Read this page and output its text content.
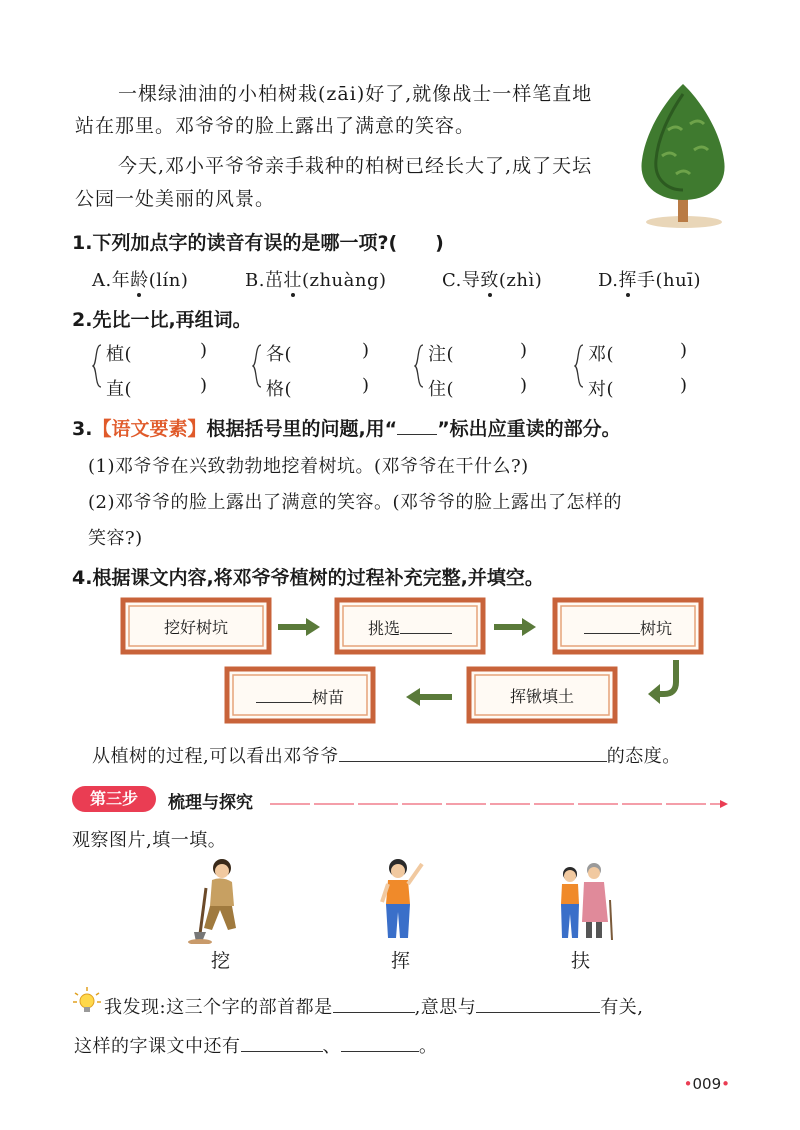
一棵绿油油的小柏树栽(zāi)好了,就像战士一样笔直地
站在那里。邓爷爷的脸上露出了满意的笑容。
今天,邓小平爷爷亲手栽种的柏树已经长大了,成了天坛
公园一处美丽的风景。
1.下列加点字的读音有误的是哪一项?(　　)
A.年龄(lín)	B.茁壮(zhuàng)	C.导致(zhì)	D.挥手(huī)
2.先比一比,再组词。
植(	)
直(	)
各(	)
格(	)
注(	)
住(	)
邓(	)
对(	)
3.【语文要素】根据括号里的问题,用“ ”标出应重读的部分。
(1)邓爷爷在兴致勃勃地挖着树坑。(邓爷爷在干什么?)
(2)邓爷爷的脸上露出了满意的笑容。(邓爷爷的脸上露出了怎样的
笑容?)
4.根据课文内容,将邓爷爷植树的过程补充完整,并填空。
挖好树坑	挑选	树坑
挥锹填土
树苗
从植树的过程,可以看出邓爷爷	的态度。
第三步	梳理与探究
观察图片,填一填。
挖	挥	扶
我发现:这三个字的部首都是	,意思与	有关,
这样的字课文中还有	、	。
•009•
